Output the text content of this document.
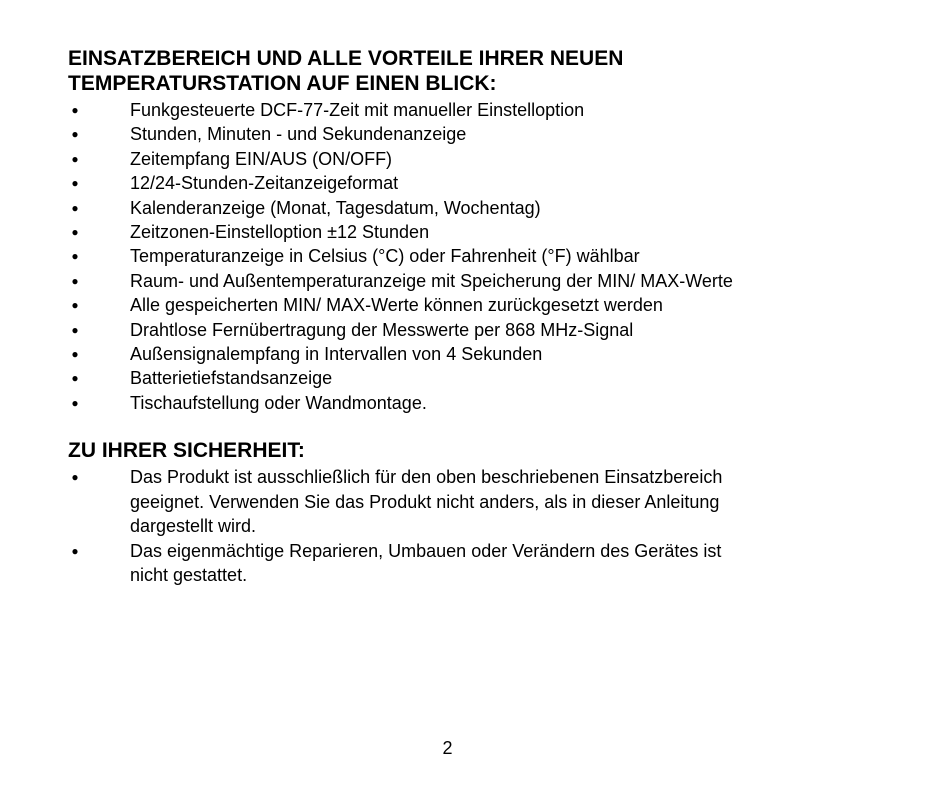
EINSATZBEREICH UND ALLE VORTEILE IHRER NEUEN
TEMPERATURSTATION AUF EINEN BLICK:
●	Funkgesteuerte DCF-77-Zeit mit manueller Einstelloption
●	Stunden, Minuten - und Sekundenanzeige
●	Zeitempfang EIN/AUS (ON/OFF)
●	12/24-Stunden-Zeitanzeigeformat
●	Kalenderanzeige (Monat, Tagesdatum, Wochentag)
●	Zeitzonen-Einstelloption ±12 Stunden
●	Temperaturanzeige in Celsius (°C) oder Fahrenheit (°F) wählbar
●	Raum- und Außentemperaturanzeige mit Speicherung der MIN/ MAX-Werte
●	Alle gespeicherten MIN/ MAX-Werte können zurückgesetzt werden
●	Drahtlose Fernübertragung der Messwerte per 868 MHz-Signal
●	Außensignalempfang in Intervallen von 4 Sekunden
●	Batterietiefstandsanzeige
●	Tischaufstellung oder Wandmontage.
ZU IHRER SICHERHEIT:
●	Das Produkt ist ausschließlich für den oben beschriebenen Einsatzbereich
geeignet. Verwenden Sie das Produkt nicht anders, als in dieser Anleitung
dargestellt wird.
●	Das eigenmächtige Reparieren, Umbauen oder Verändern des Gerätes ist
nicht gestattet.
2
